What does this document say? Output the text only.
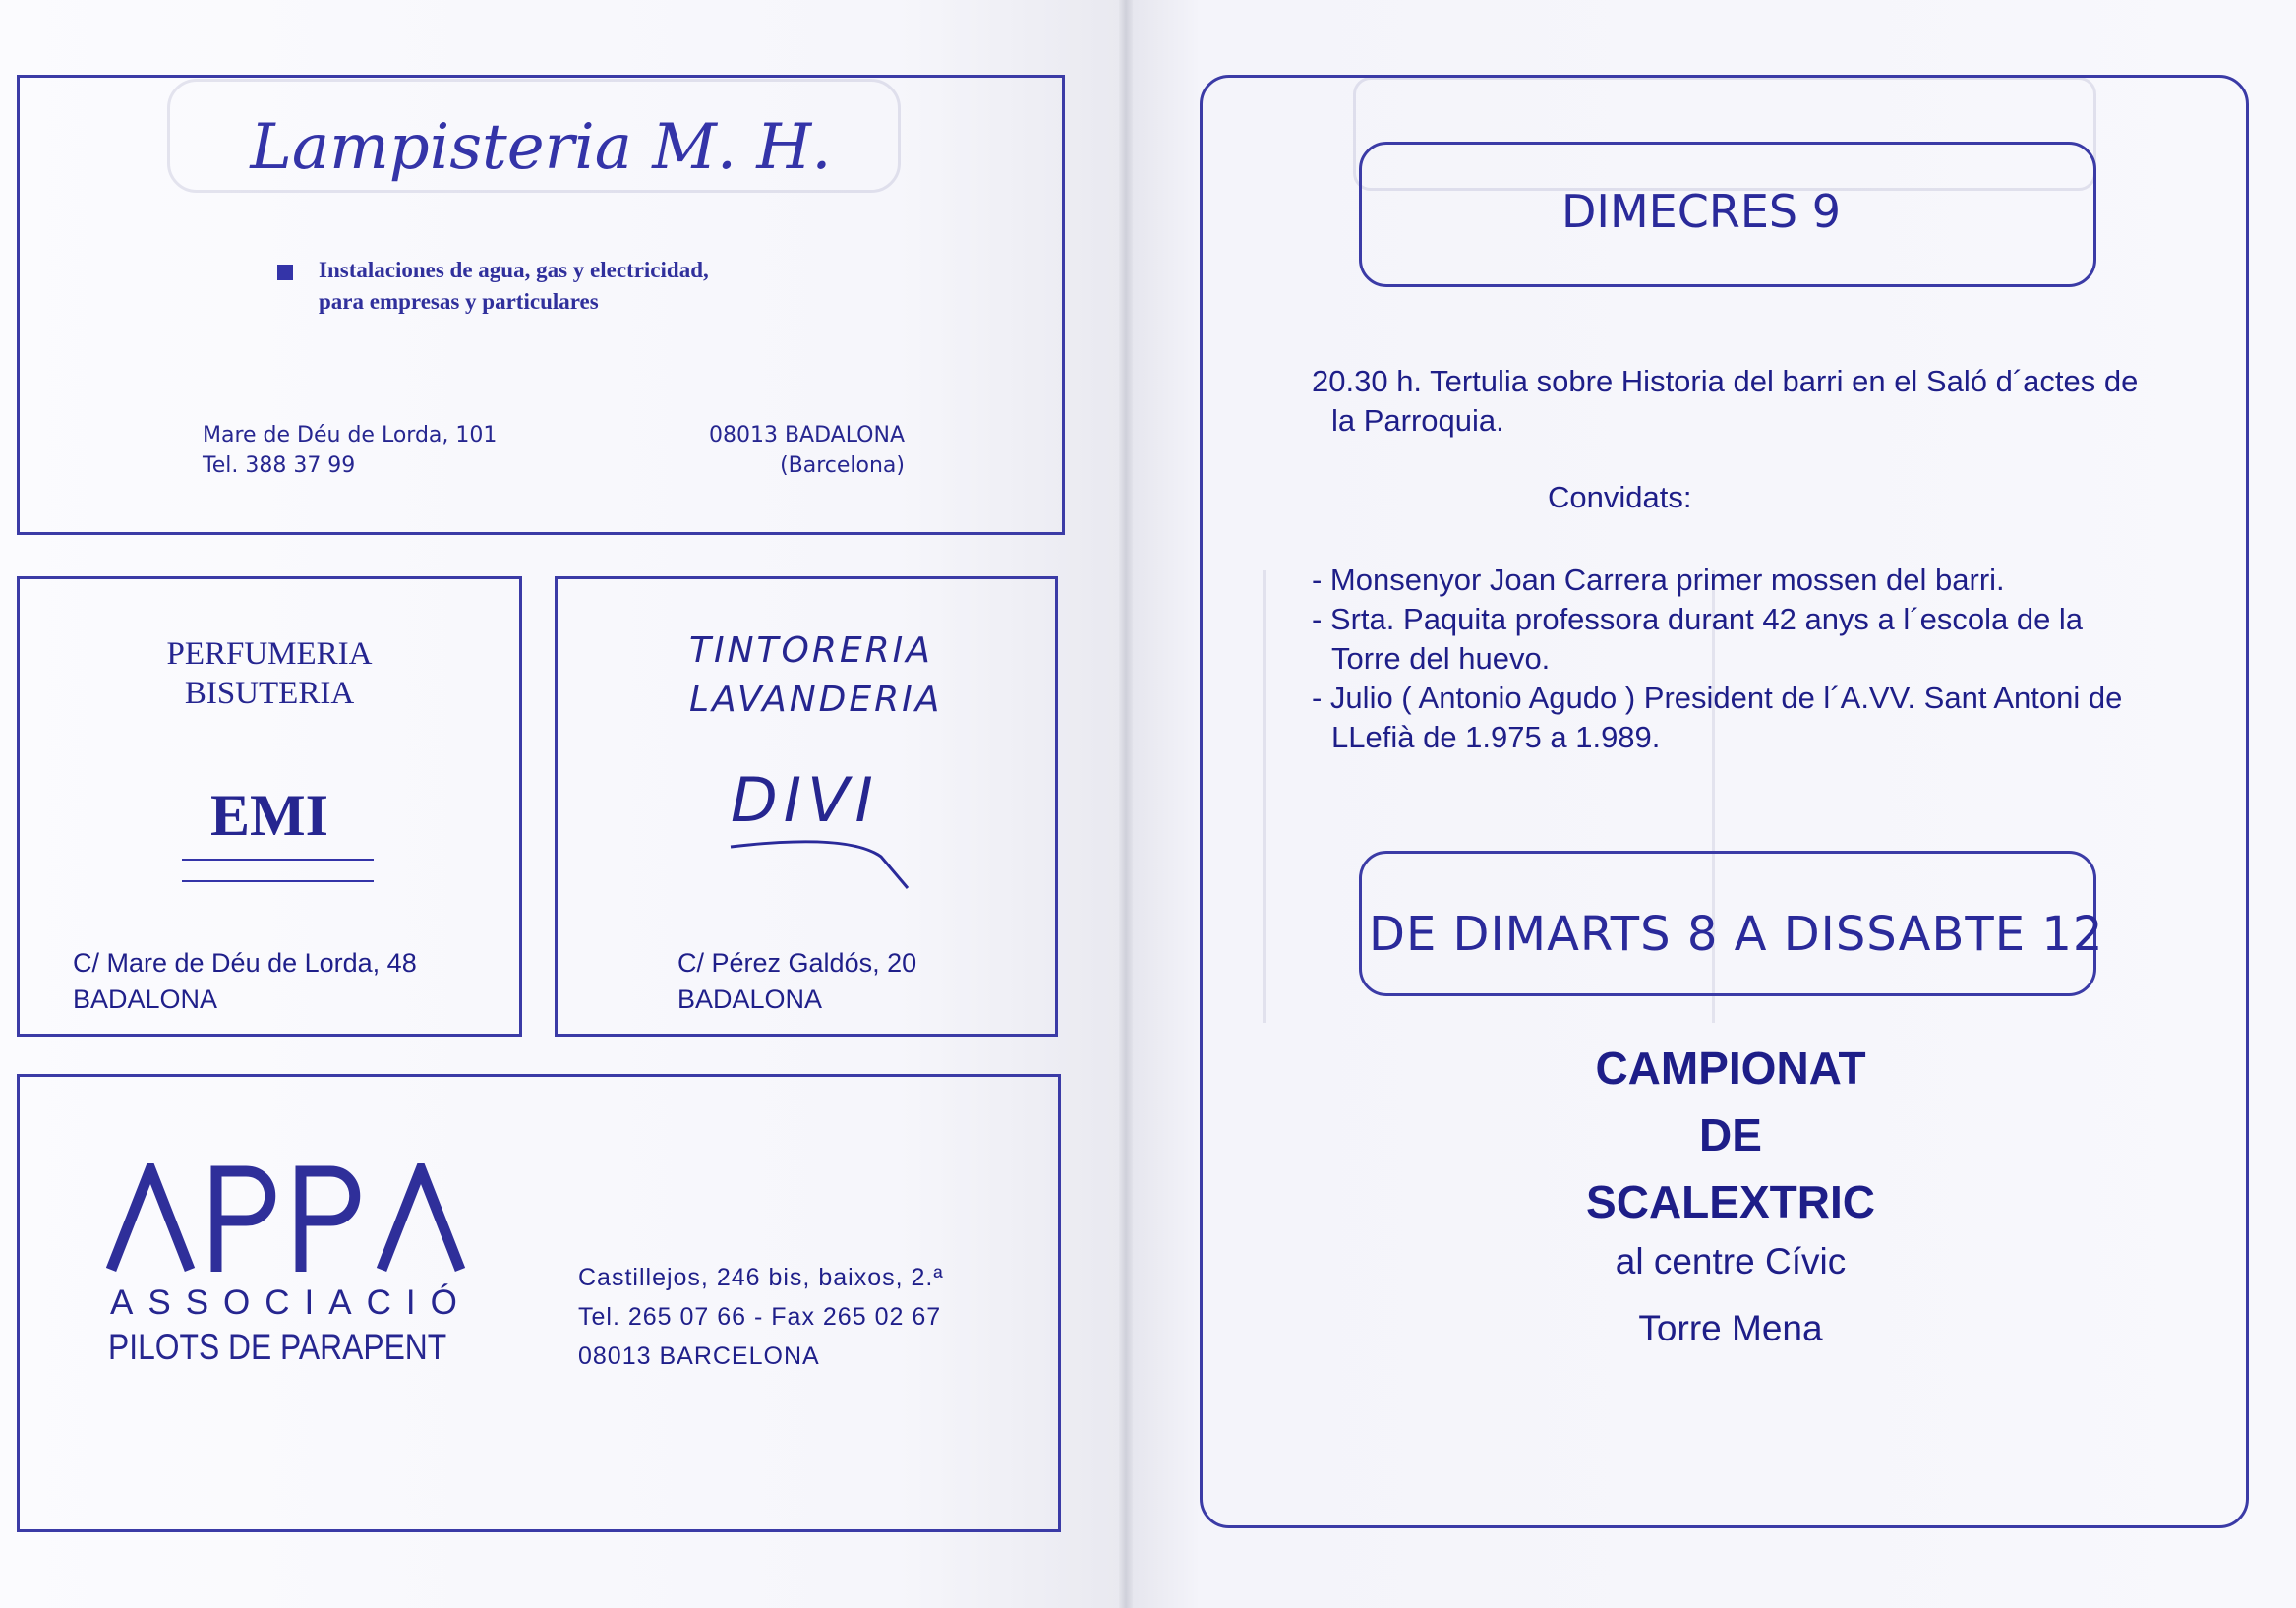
Lampisteria M. H.
Instalaciones de agua, gas y electricidad,
para empresas y particulares
Mare de Déu de Lorda, 101
Tel. 388 37 99
08013 BADALONA
(Barcelona)
PERFUMERIA
BISUTERIA
EMI
C/ Mare de Déu de Lorda, 48
BADALONA
TINTORERIA
LAVANDERIA
DIVI
C/ Pérez Galdós, 20
BADALONA
ASSOCIACIÓ
PILOTS DE PARAPENT
Castillejos, 246 bis, baixos, 2.ª
Tel. 265 07 66 - Fax 265 02 67
08013 BARCELONA
DIMECRES 9
20.30 h. Tertulia sobre Historia del barri en el Saló d´actes de
la Parroquia.
Convidats:
- Monsenyor Joan Carrera primer mossen del barri.
- Srta. Paquita professora durant 42 anys a l´escola de la
Torre del huevo.
- Julio ( Antonio Agudo ) President de l´A.VV. Sant Antoni de
LLefià de 1.975 a 1.989.
DE DIMARTS 8 A DISSABTE 12
CAMPIONAT
DE
SCALEXTRIC
al centre Cívic
Torre Mena
